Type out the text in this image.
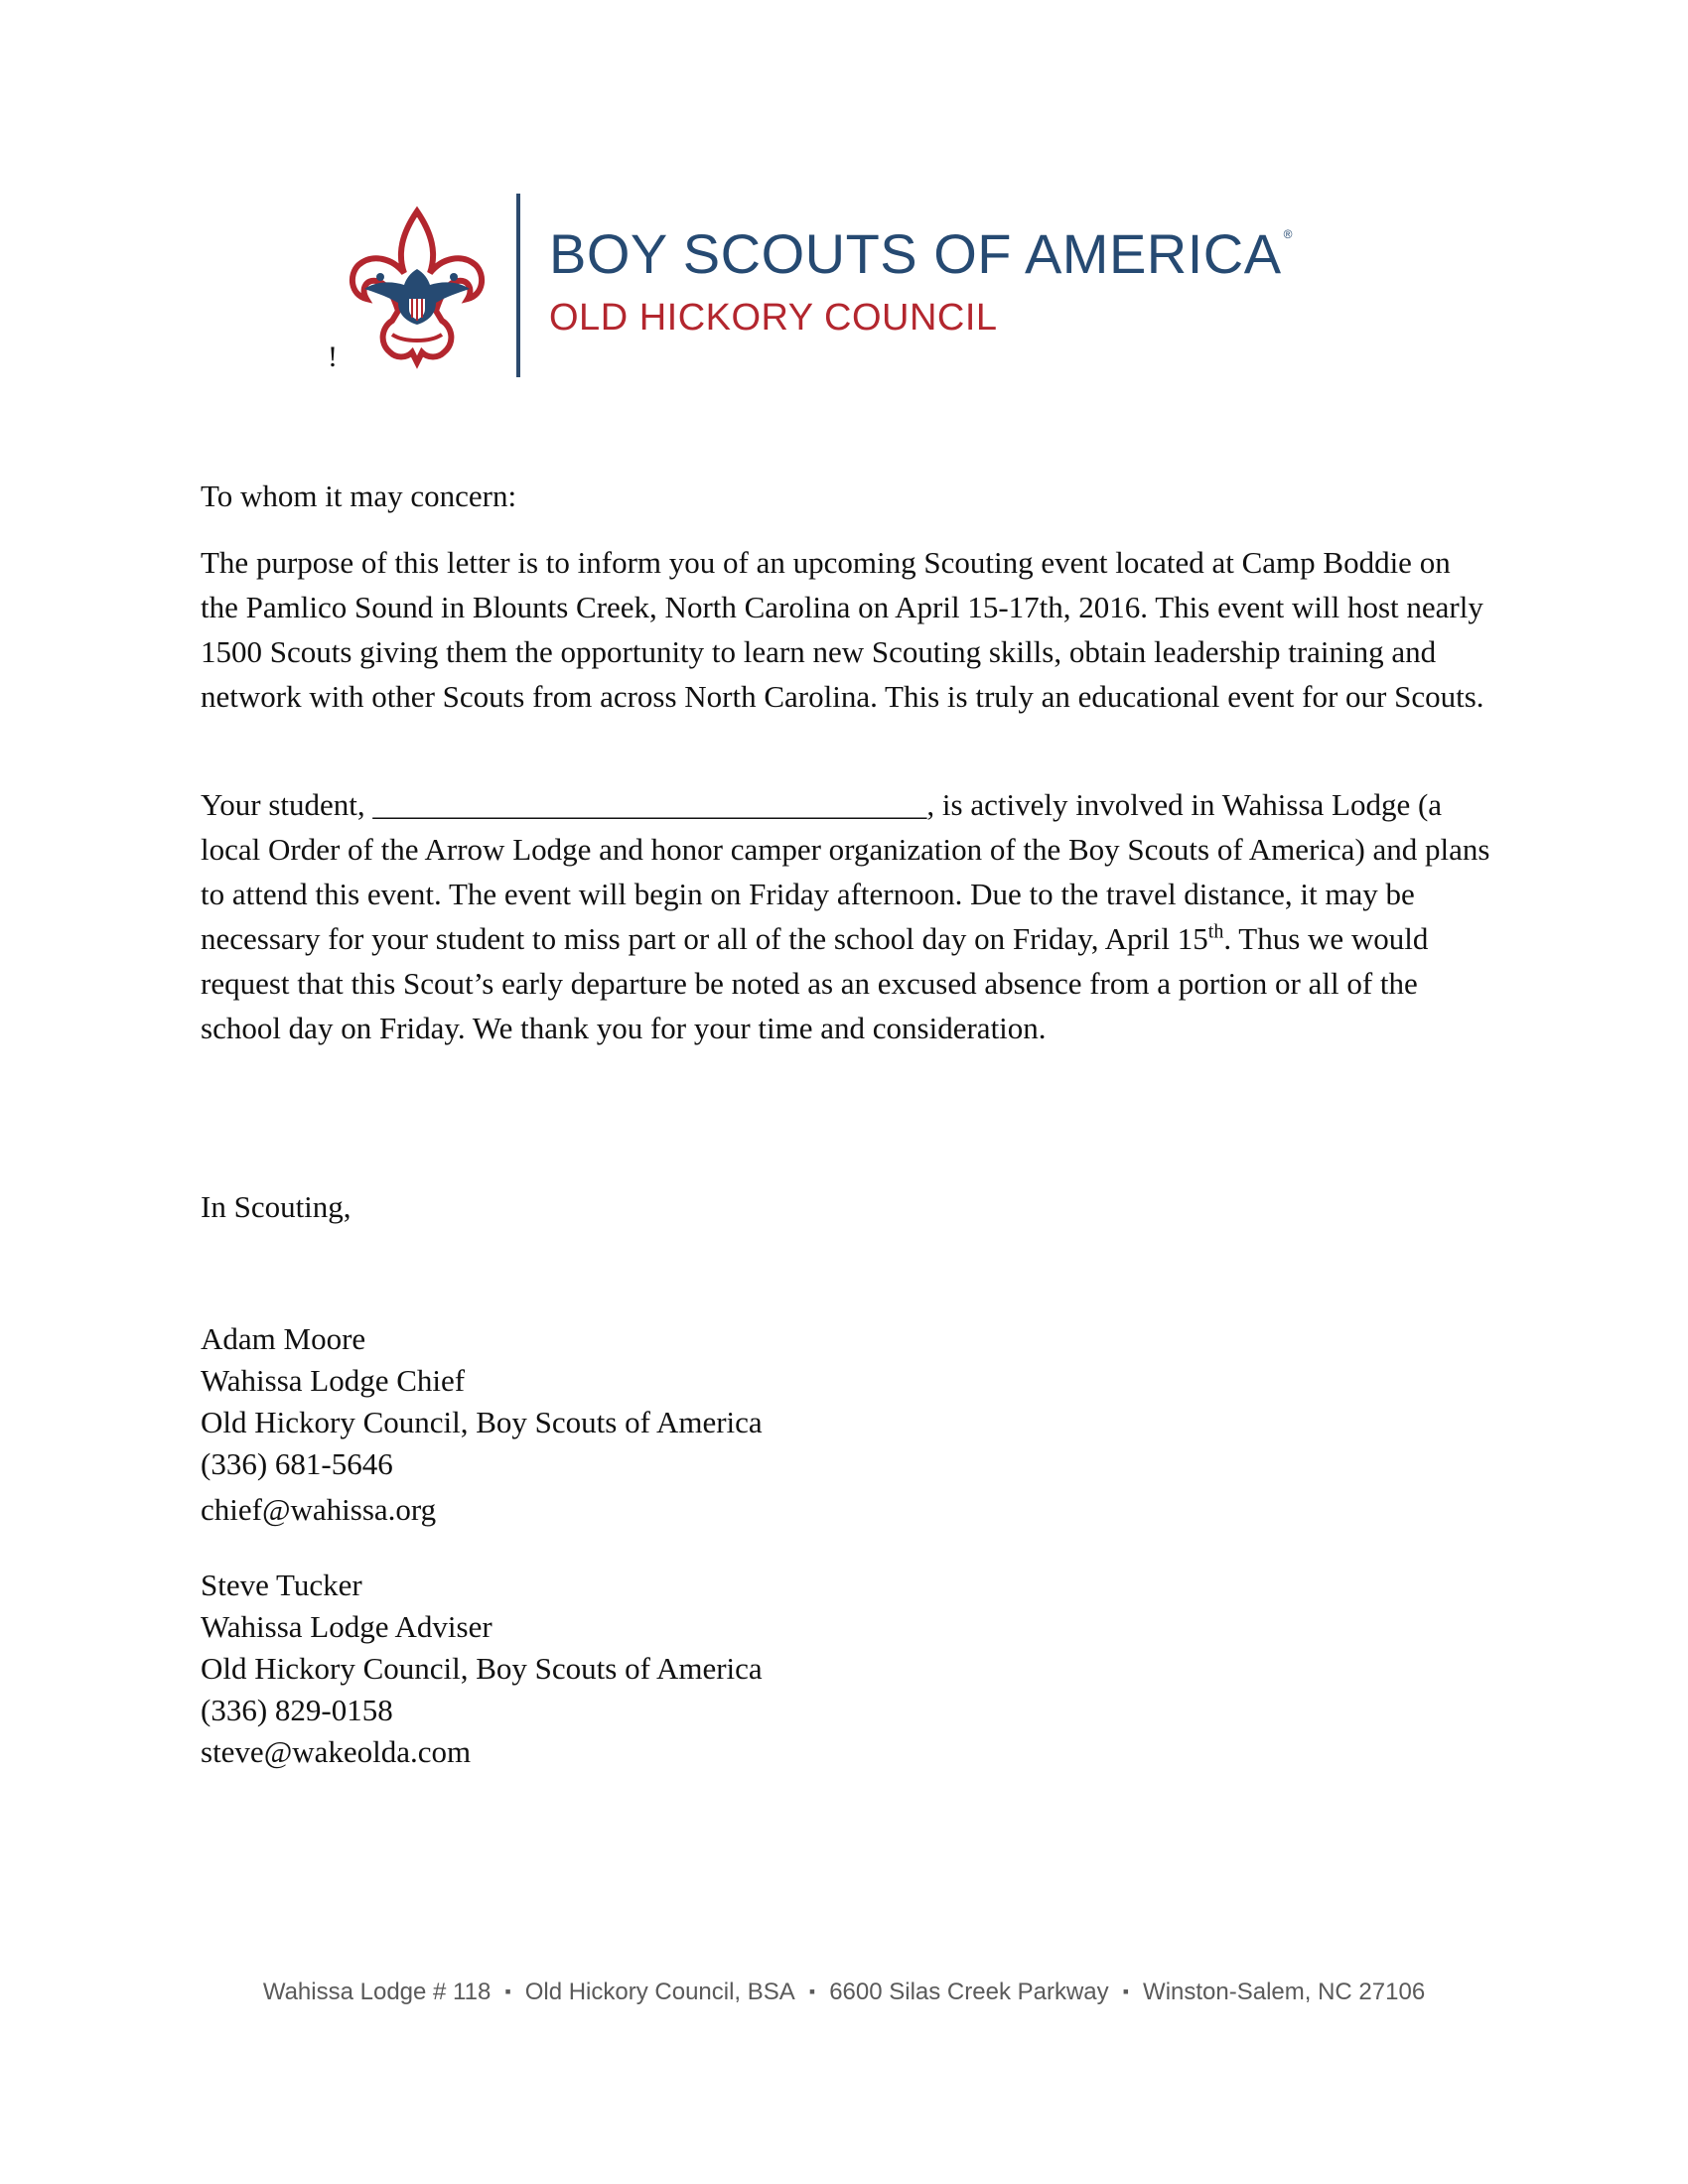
!
BOY SCOUTS OF AMERICA ®
OLD HICKORY COUNCIL
To whom it may concern:
The purpose of this letter is to inform you of an upcoming Scouting event located at Camp Boddie on the Pamlico Sound in Blounts Creek, North Carolina on April 15-17th, 2016. This event will host nearly 1500 Scouts giving them the opportunity to learn new Scouting skills, obtain leadership training and network with other Scouts from across North Carolina. This is truly an educational event for our Scouts.
Your student, ____________________________________, is actively involved in Wahissa Lodge (a local Order of the Arrow Lodge and honor camper organization of the Boy Scouts of America) and plans to attend this event. The event will begin on Friday afternoon. Due to the travel distance, it may be necessary for your student to miss part or all of the school day on Friday, April 15th. Thus we would request that this Scout’s early departure be noted as an excused absence from a portion or all of the school day on Friday. We thank you for your time and consideration.
In Scouting,
Adam Moore
Wahissa Lodge Chief
Old Hickory Council, Boy Scouts of America
(336) 681-5646
chief@wahissa.org
Steve Tucker
Wahissa Lodge Adviser
Old Hickory Council, Boy Scouts of America
(336) 829-0158
steve@wakeolda.com
Wahissa Lodge # 118 ▪ Old Hickory Council, BSA ▪ 6600 Silas Creek Parkway ▪ Winston-Salem, NC 27106
